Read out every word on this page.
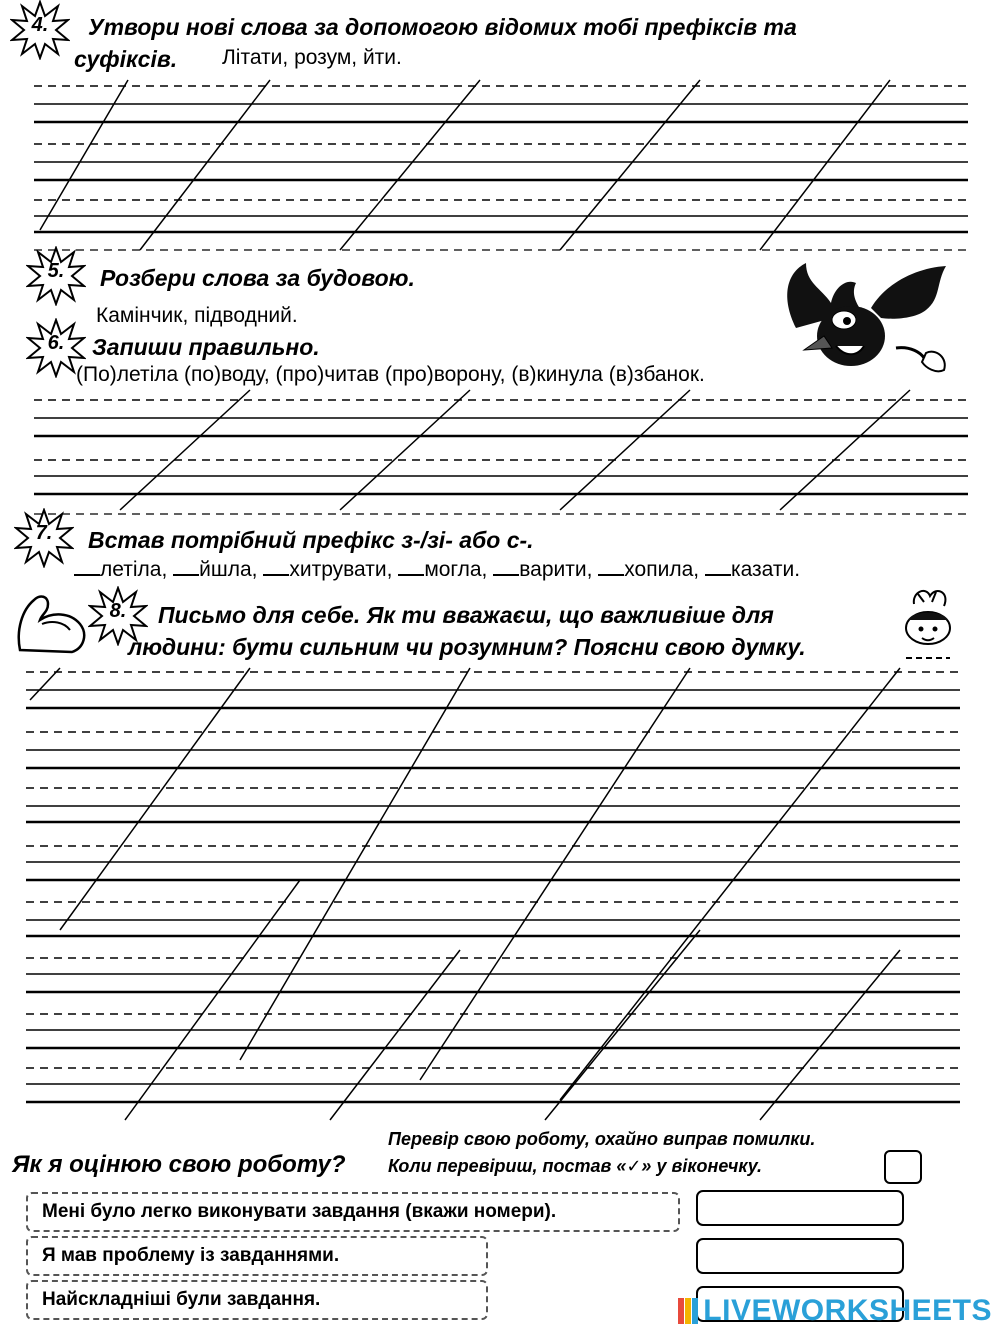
4.	Утвори нові слова за допомогою відомих тобі префіксів та
суфіксів. Літати, розум, йти.
5.	Розбери слова за будовою.
Камінчик, підводний.
6.	Запиши правильно.
(По)летіла (по)воду, (про)читав (про)ворону, (в)кинула (в)збанок.
7.	Встав потрібний префікс з-/зі- або с-.
летіла, йшла, хитрувати, могла, варити, хопила, казати.
8.	Письмо для себе. Як ти вважаєш, що важливіше для
людини: бути сильним чи розумним? Поясни свою думку.
Як я оцінюю свою роботу?
Перевір свою роботу, охайно виправ помилки.
Коли перевіриш, постав «✓» у віконечку.
Мені було легко виконувати завдання (вкажи номери).
Я мав проблему із завданнями.
Найскладніші були завдання.	LIVEWORKSHEETS
